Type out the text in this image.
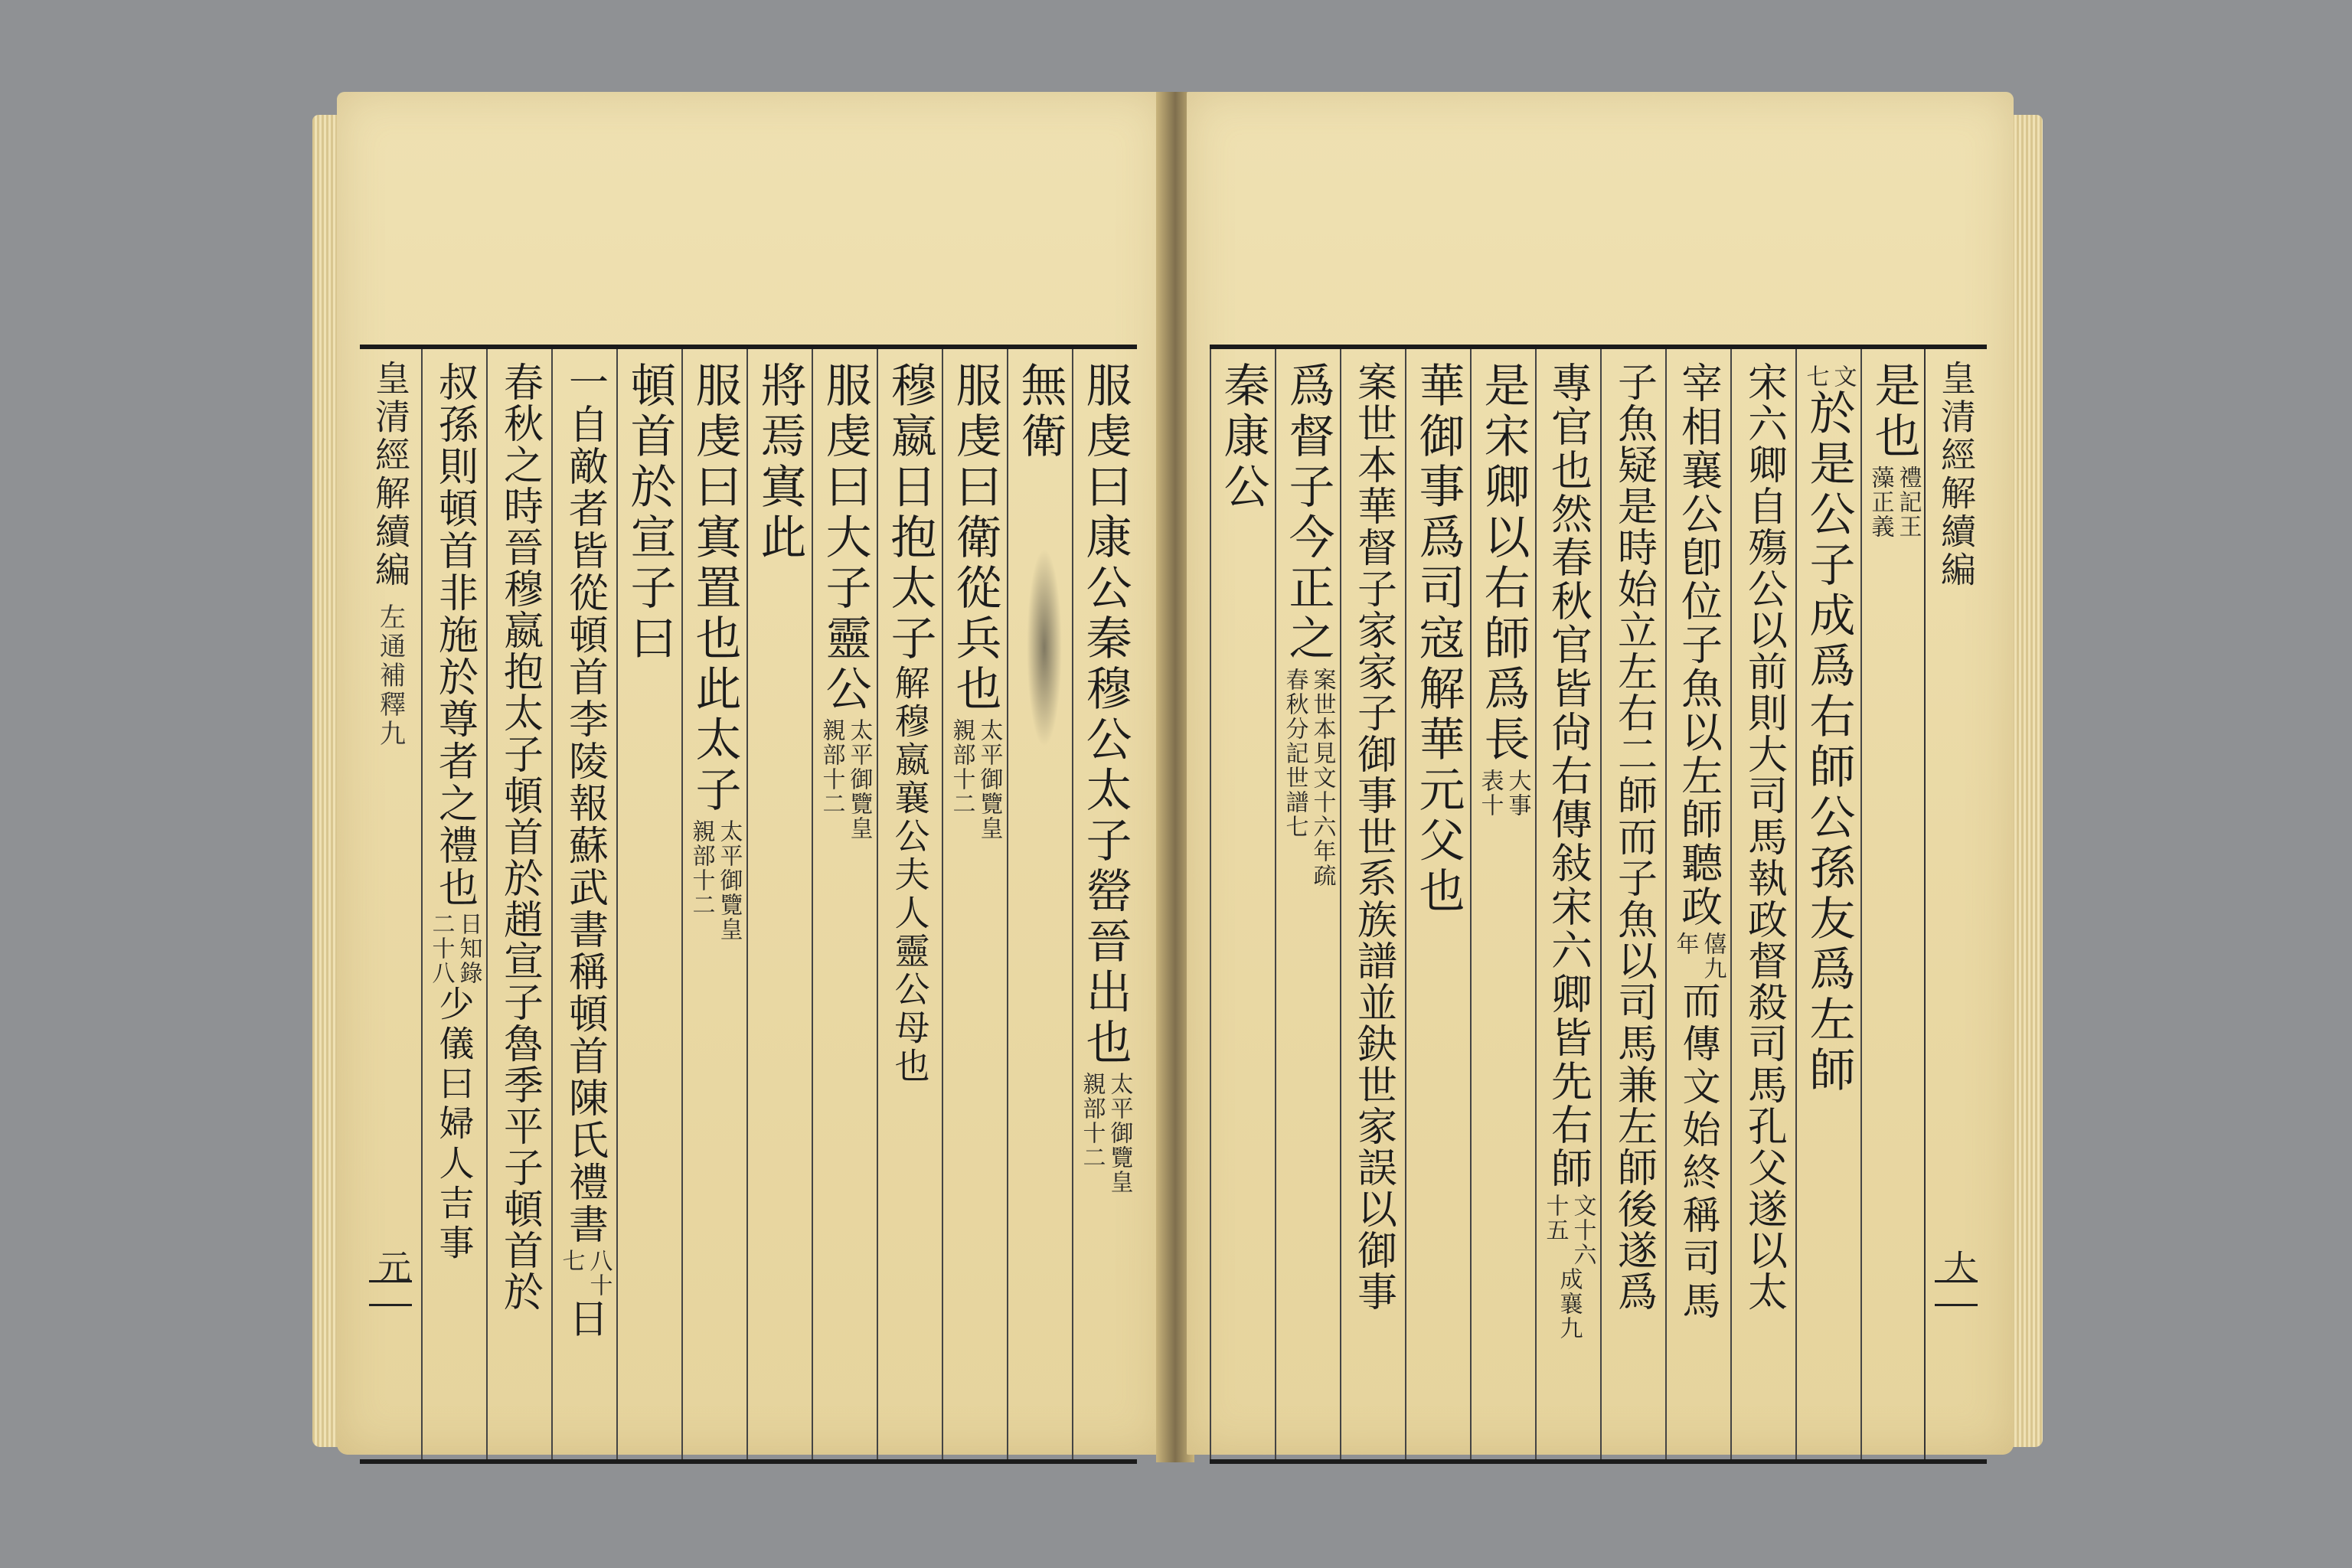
皇清經解續編
左通補釋九
元
服虔曰康公秦穆公太子罃晉出也
太平御覽皇
親部十二
無衛
服虔曰衛從兵也
太平御覽皇
親部十二
穆嬴日抱太子
解穆嬴襄公夫人靈公母也
服虔曰大子靈公
太平御覽皇
親部十二
將焉寘此
服虔曰寘置也此太子
太平御覽皇
親部十二
頓首於宣子曰
一自敵者皆從頓首李陵報蘇武書稱頓首陳氏禮書
八十
七
日
春秋之時晉穆嬴抱太子頓首於趙宣子魯季平子頓首於
叔孫則頓首非施於尊者之禮也
日知錄
二十八
少儀曰婦人吉事
皇清經解續編
大
是也
禮記王
藻正義
文
七
於是公子成爲右師公孫友爲左師
宋六卿自殤公以前則大司馬執政督殺司馬孔父遂以太
宰相襄公卽位子魚以左師聽政
僖九
年
而傳文始終稱司馬
子魚疑是時始立左右二師而子魚以司馬兼左師後遂爲
專官也然春秋官皆尙右傳敍宋六卿皆先右師
文十六
十五
成襄九
是宋卿以右師爲長
大事
表十
華御事爲司寇解華元父也
案世本華督子家家子御事世系族譜並鈌世家誤以御事
爲督子今正之
案世本見文十六年疏
春秋分記世譜七
秦康公
